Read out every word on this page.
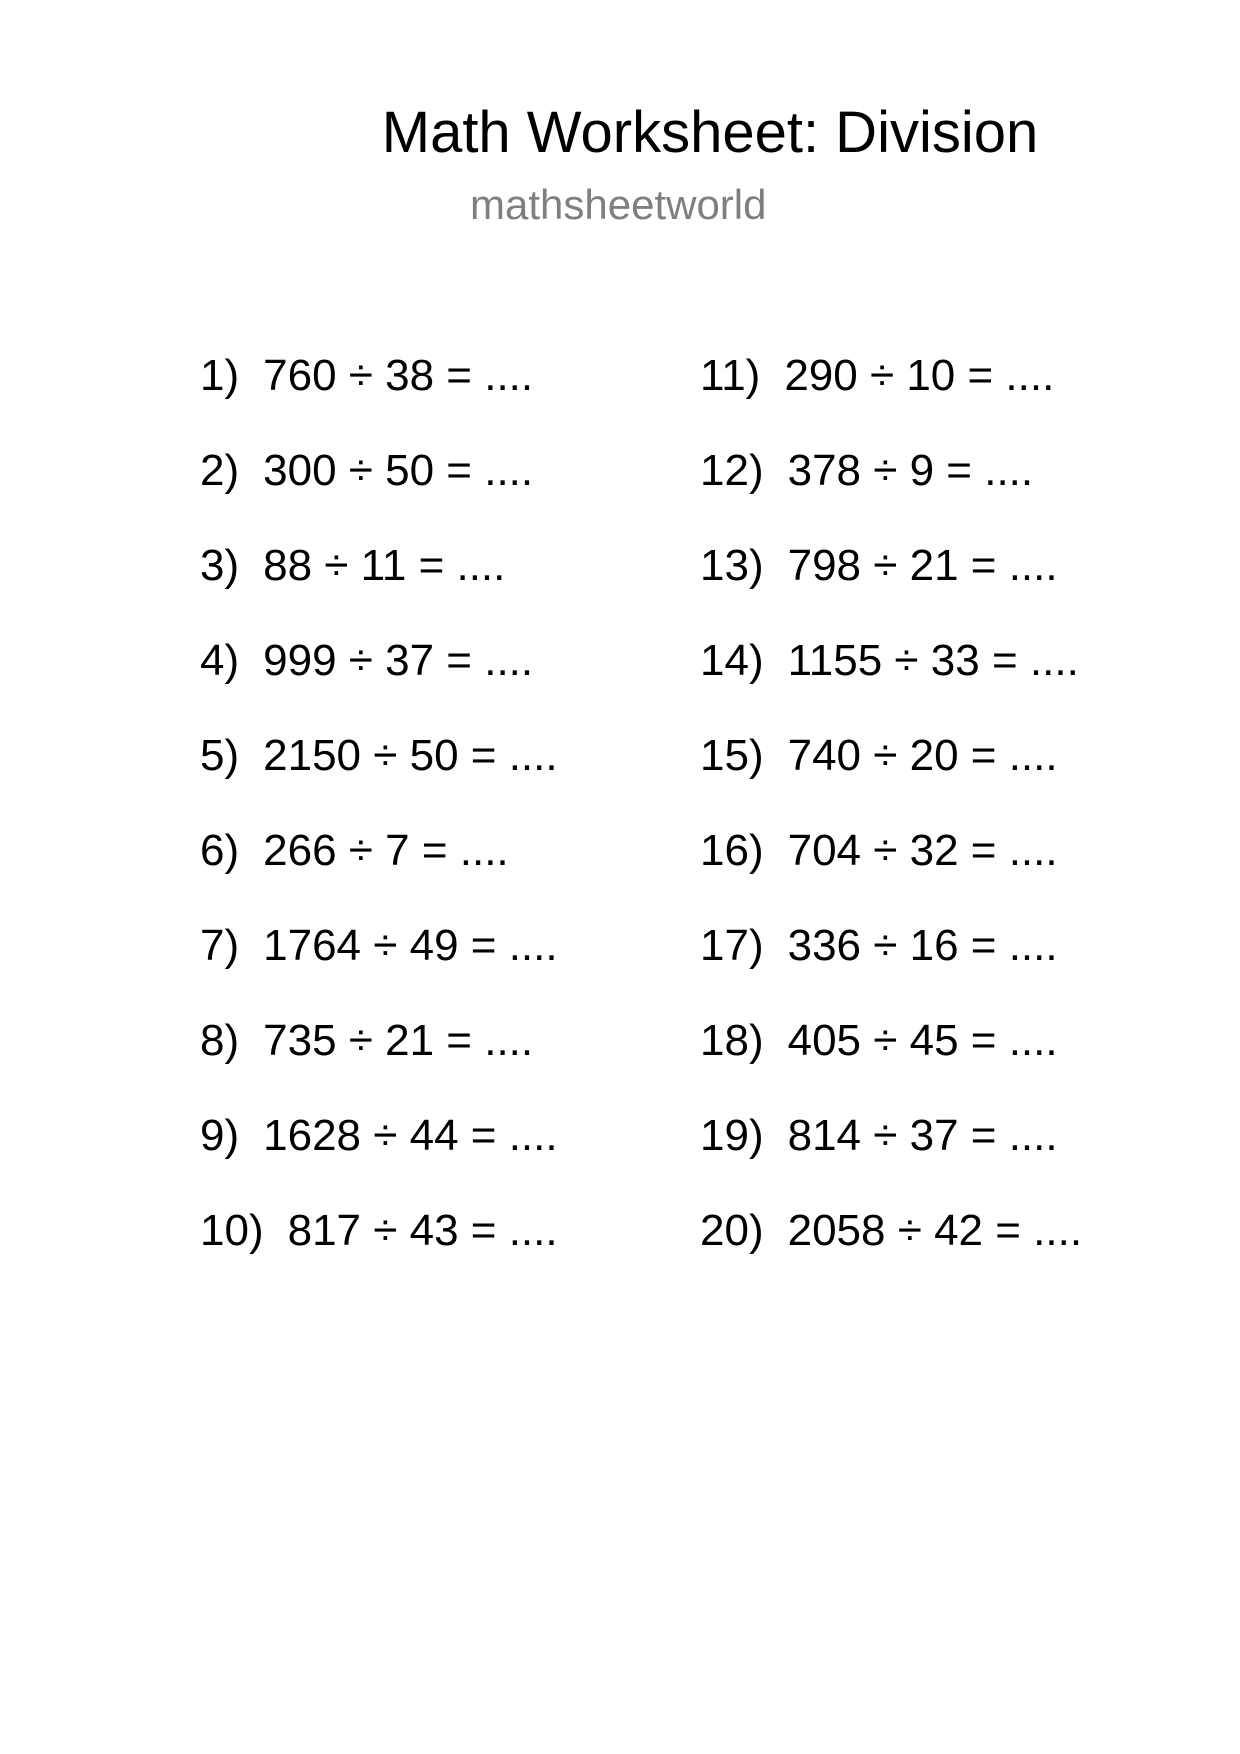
Math Worksheet: Division
mathsheetworld
1) 760 ÷ 38 = ....
2) 300 ÷ 50 = ....
3) 88 ÷ 11 = ....
4) 999 ÷ 37 = ....
5) 2150 ÷ 50 = ....
6) 266 ÷ 7 = ....
7) 1764 ÷ 49 = ....
8) 735 ÷ 21 = ....
9) 1628 ÷ 44 = ....
10) 817 ÷ 43 = ....
11) 290 ÷ 10 = ....
12) 378 ÷ 9 = ....
13) 798 ÷ 21 = ....
14) 1155 ÷ 33 = ....
15) 740 ÷ 20 = ....
16) 704 ÷ 32 = ....
17) 336 ÷ 16 = ....
18) 405 ÷ 45 = ....
19) 814 ÷ 37 = ....
20) 2058 ÷ 42 = ....
